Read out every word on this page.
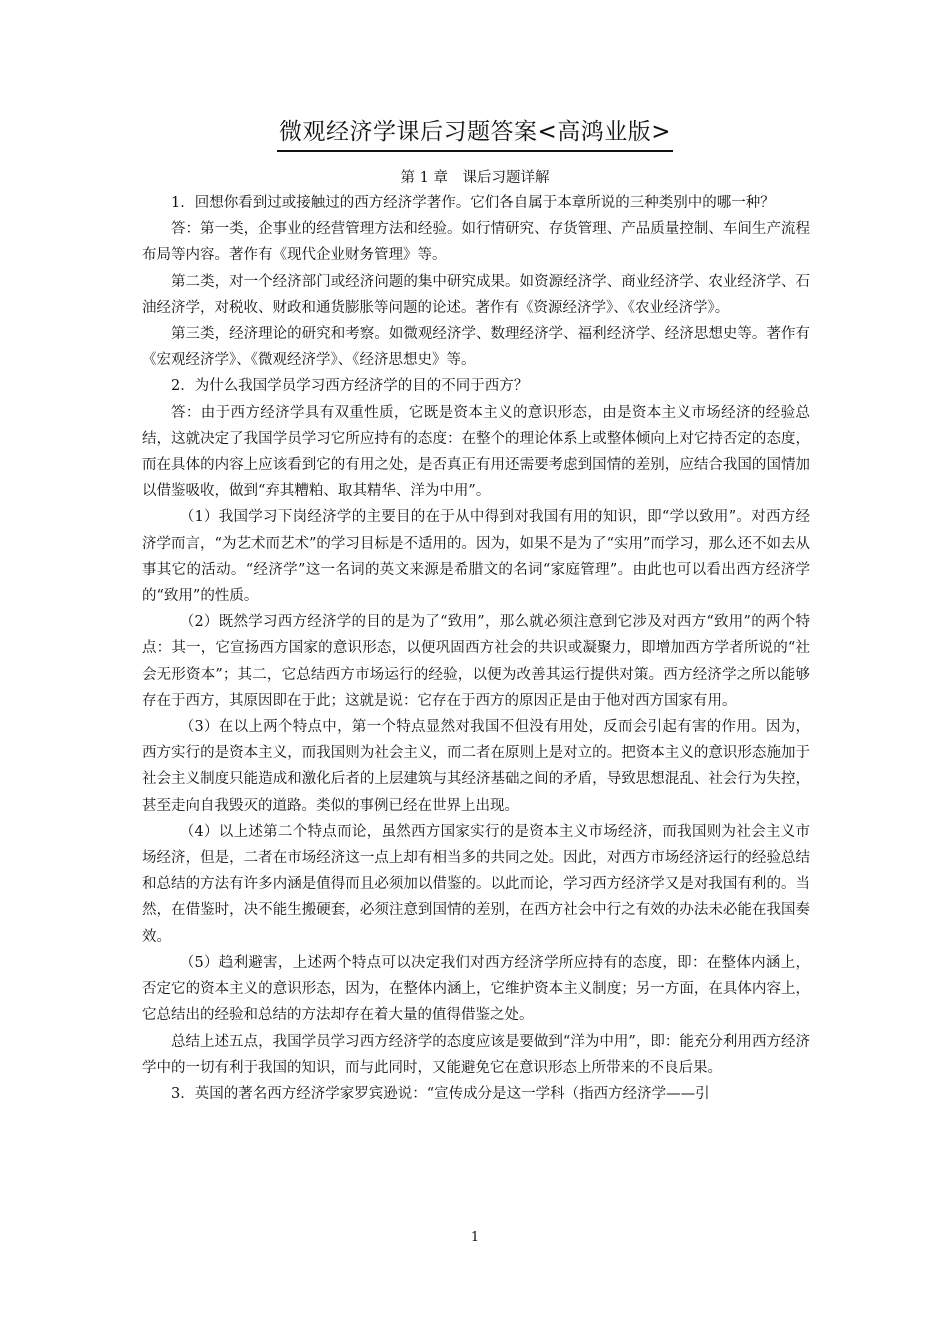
微观经济学课后习题答案<高鸿业版>
第 1 章　课后习题详解

1．回想你看到过或接触过的西方经济学著作。它们各自属于本章所说的三种类别中的哪一种？

答：第一类，企事业的经营管理方法和经验。如行情研究、存货管理、产品质量控制、车间生产流程布局等内容。著作有《现代企业财务管理》等。

第二类，对一个经济部门或经济问题的集中研究成果。如资源经济学、商业经济学、农业经济学、石油经济学，对税收、财政和通货膨胀等问题的论述。著作有《资源经济学》、《农业经济学》。

第三类，经济理论的研究和考察。如微观经济学、数理经济学、福利经济学、经济思想史等。著作有《宏观经济学》、《微观经济学》、《经济思想史》等。

2．为什么我国学员学习西方经济学的目的不同于西方？

答：由于西方经济学具有双重性质，它既是资本主义的意识形态，由是资本主义市场经济的经验总结，这就决定了我国学员学习它所应持有的态度：在整个的理论体系上或整体倾向上对它持否定的态度，而在具体的内容上应该看到它的有用之处，是否真正有用还需要考虑到国情的差别，应结合我国的国情加以借鉴吸收，做到“弃其糟粕、取其精华、洋为中用”。

（1）我国学习下岗经济学的主要目的在于从中得到对我国有用的知识，即“学以致用”。对西方经济学而言，“为艺术而艺术”的学习目标是不适用的。因为，如果不是为了“实用”而学习，那么还不如去从事其它的活动。“经济学”这一名词的英文来源是希腊文的名词“家庭管理”。由此也可以看出西方经济学的“致用”的性质。

（2）既然学习西方经济学的目的是为了“致用”，那么就必须注意到它涉及对西方“致用”的两个特点：其一，它宣扬西方国家的意识形态，以便巩固西方社会的共识或凝聚力，即增加西方学者所说的“社会无形资本”；其二，它总结西方市场运行的经验，以便为改善其运行提供对策。西方经济学之所以能够存在于西方，其原因即在于此；这就是说：它存在于西方的原因正是由于他对西方国家有用。

（3）在以上两个特点中，第一个特点显然对我国不但没有用处，反而会引起有害的作用。因为，西方实行的是资本主义，而我国则为社会主义，而二者在原则上是对立的。把资本主义的意识形态施加于社会主义制度只能造成和激化后者的上层建筑与其经济基础之间的矛盾，导致思想混乱、社会行为失控，甚至走向自我毁灭的道路。类似的事例已经在世界上出现。

（4）以上述第二个特点而论，虽然西方国家实行的是资本主义市场经济，而我国则为社会主义市场经济，但是，二者在市场经济这一点上却有相当多的共同之处。因此，对西方市场经济运行的经验总结和总结的方法有许多内涵是值得而且必须加以借鉴的。以此而论，学习西方经济学又是对我国有利的。当然，在借鉴时，决不能生搬硬套，必须注意到国情的差别，在西方社会中行之有效的办法未必能在我国奏效。

（5）趋利避害，上述两个特点可以决定我们对西方经济学所应持有的态度，即：在整体内涵上，否定它的资本主义的意识形态，因为，在整体内涵上，它维护资本主义制度；另一方面，在具体内容上，它总结出的经验和总结的方法却存在着大量的值得借鉴之处。

总结上述五点，我国学员学习西方经济学的态度应该是要做到“洋为中用”，即：能充分利用西方经济学中的一切有利于我国的知识，而与此同时，又能避免它在意识形态上所带来的不良后果。

3．英国的著名西方经济学家罗宾逊说：“宣传成分是这一学科（指西方经济学——引

1
